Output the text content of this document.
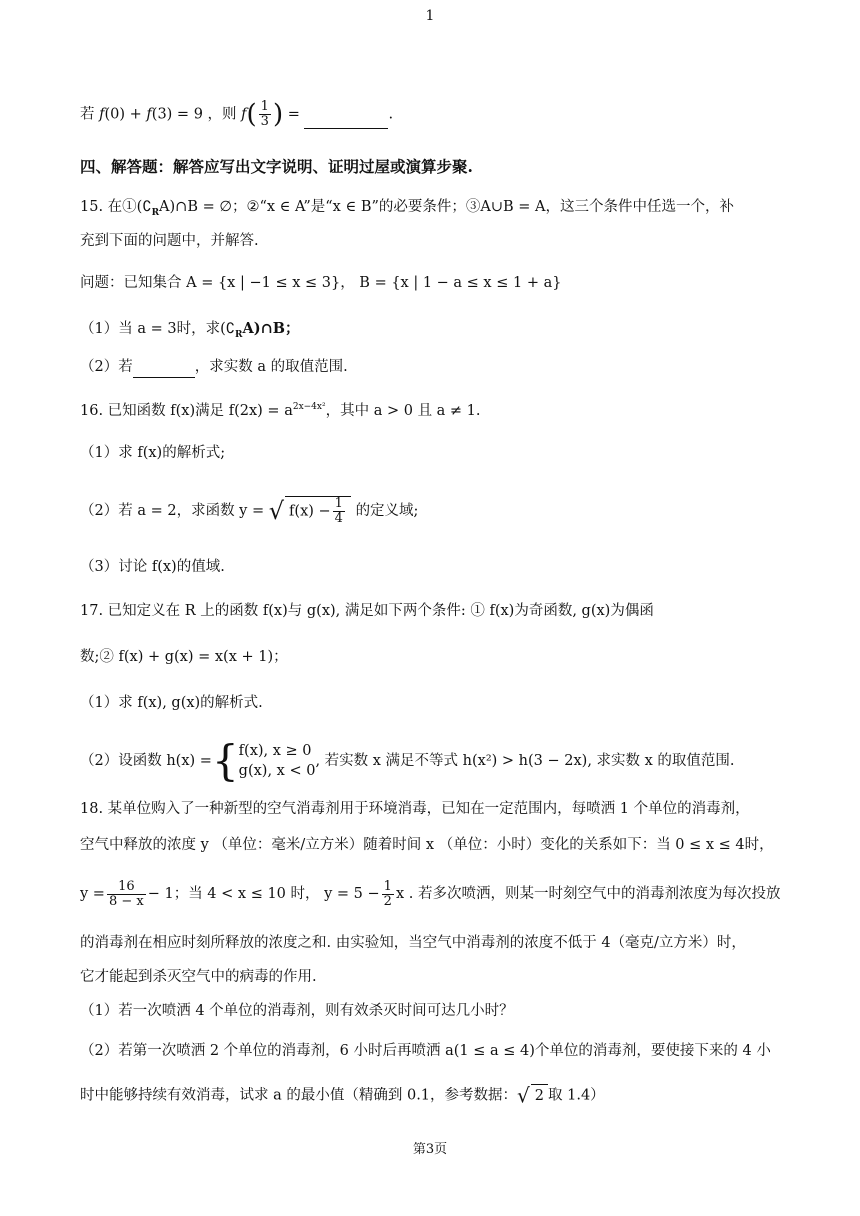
1
若 f(0) + f(3) = 9 ，则 $f( \frac{1}{3}$ ) =	.
四、解答题：解答应写出文字说明、证明过屋或演算步聚.
15. 在$①(∁_RA)\cap B$ = ∅；②“x ∈ A”是“x ∈ B”的必要条件；③A∪B = A，这三个条件中任选一个，补
充到下面的问题中，并解答.
问题：已知集合 A = {x | −1 ≤ x ≤ 3}， B = {x | 1 − a ≤ x ≤ 1 + a}
（1）当 a = 3时，求$(∁_RA)\cap B$；
（2）若	，求实数 a 的取值范围.
16. 已知函数 f(x)满足 $f(2x) = a^{2x-4x^2}$，其中 a > 0 且 a ≠ 1.
（1）求 f(x)的解析式;
（2）若 a = 2，求函数 y = √ $f(x) - \frac{1}{4}$ 的定义域;
（3）讨论 f(x)的值域.
17. 已知定义在 R 上的函数 f(x)与 g(x), 满足如下两个条件: ① f(x)为奇函数, g(x)为偶函
数;② f(x) + g(x) = x(x + 1)；
（1）求 f(x), g(x)的解析式.
（2）设函数 h(x) = { f(x), x ≥ 0
g(x), x < 0
, 若实数 x 满足不等式 h(x²) > h(3 − 2x), 求实数 x 的取值范围.
18. 某单位购入了一种新型的空气消毒剂用于环境消毒，已知在一定范围内，每喷洒 1 个单位的消毒剂，
空气中释放的浓度 y （单位：毫米/立方米）随着时间 x （单位：小时）变化的关系如下：当 0 ≤ x ≤ 4时，
$y = \frac{16}{8 - x} - 1$；当 4 < x ≤ 10 时， $y = 5 - \frac{1}{2}$ x . 若多次喷洒，则某一时刻空气中的消毒剂浓度为每次投放
的消毒剂在相应时刻所释放的浓度之和. 由实验知，当空气中消毒剂的浓度不低于 4（毫克/立方米）时，
它才能起到杀灭空气中的病毒的作用.
（1）若一次喷洒 4 个单位的消毒剂，则有效杀灭时间可达几小时？
（2）若第一次喷洒 2 个单位的消毒剂，6 小时后再喷洒 a(1 ≤ a ≤ 4)个单位的消毒剂，要使接下来的 4 小
时中能够持续有效消毒，试求 a 的最小值（精确到 0.1，参考数据：√ 2 取 1.4）
第3页
